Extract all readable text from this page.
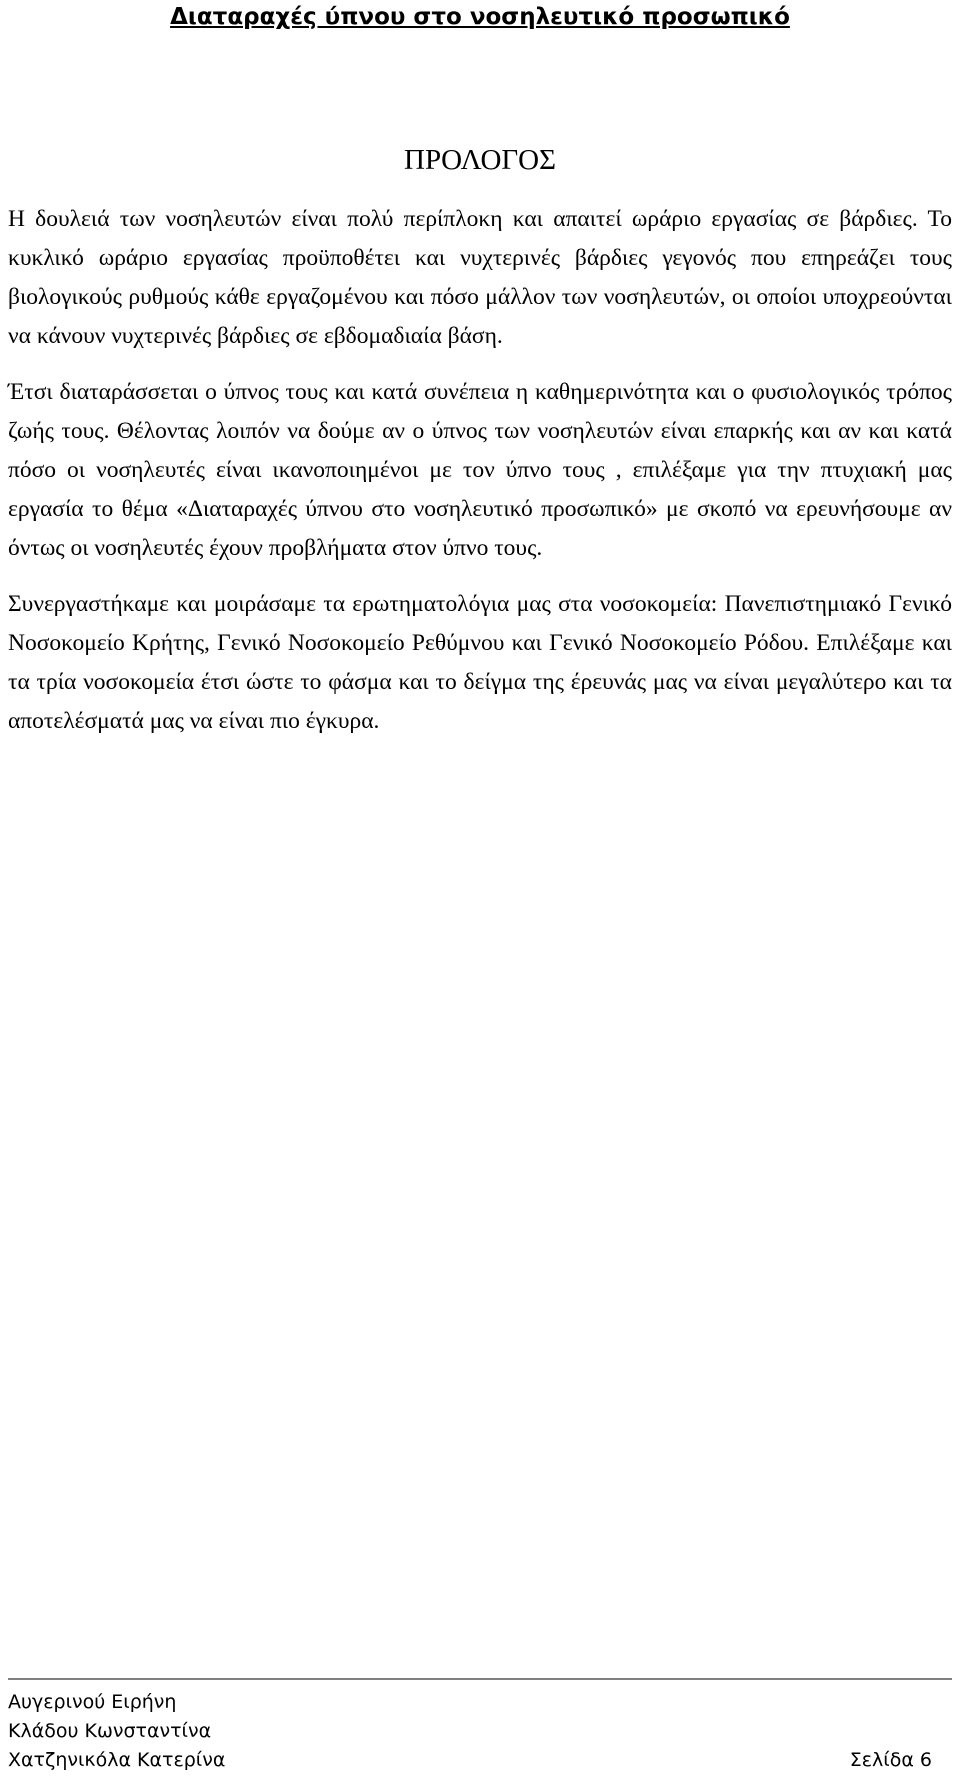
Διαταραχές ύπνου στο νοσηλευτικό προσωπικό
ΠΡΟΛΟΓΟΣ

Η δουλειά των νοσηλευτών είναι πολύ περίπλοκη και απαιτεί ωράριο εργασίας σε βάρδιες. Το κυκλικό ωράριο εργασίας προϋποθέτει και νυχτερινές βάρδιες γεγονός που επηρεάζει τους βιολογικούς ρυθμούς κάθε εργαζομένου και πόσο μάλλον των νοσηλευτών, οι οποίοι υποχρεούνται να κάνουν νυχτερινές βάρδιες σε εβδομαδιαία βάση.

Έτσι διαταράσσεται ο ύπνος τους και κατά συνέπεια η καθημερινότητα και ο φυσιολογικός τρόπος ζωής τους. Θέλοντας λοιπόν να δούμε αν ο ύπνος των νοσηλευτών είναι επαρκής και αν και κατά πόσο οι νοσηλευτές είναι ικανοποιημένοι με τον ύπνο τους , επιλέξαμε για την πτυχιακή μας εργασία το θέμα «Διαταραχές ύπνου στο νοσηλευτικό προσωπικό» με σκοπό να ερευνήσουμε αν όντως οι νοσηλευτές έχουν προβλήματα στον ύπνο τους.

Συνεργαστήκαμε και μοιράσαμε τα ερωτηματολόγια μας στα νοσοκομεία: Πανεπιστημιακό Γενικό Νοσοκομείο Κρήτης, Γενικό Νοσοκομείο Ρεθύμνου και Γενικό Νοσοκομείο Ρόδου. Επιλέξαμε και τα τρία νοσοκομεία έτσι ώστε το φάσμα και το δείγμα της έρευνάς μας να είναι μεγαλύτερο και τα αποτελέσματά μας να είναι πιο έγκυρα.

Αυγερινού Ειρήνη
Κλάδου Κωνσταντίνα
Χατζηνικόλα Κατερίνα	Σελίδα 6
